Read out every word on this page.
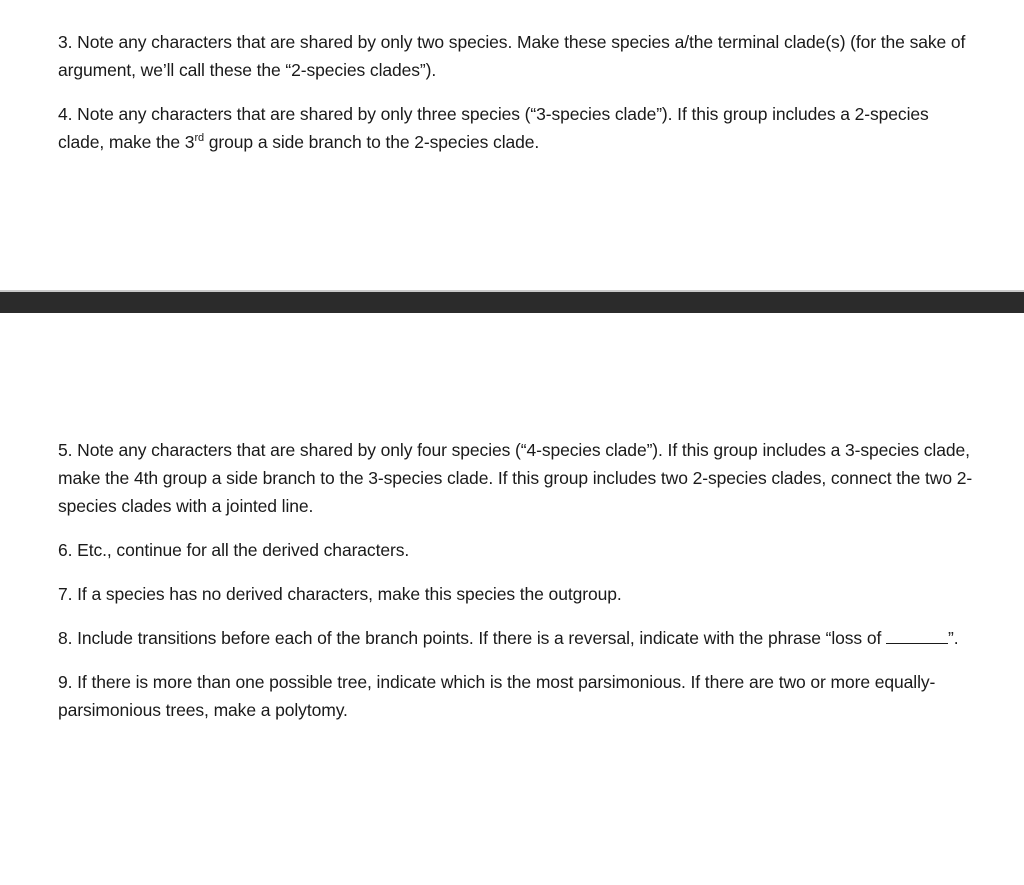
3. Note any characters that are shared by only two species. Make these species a/the terminal clade(s) (for the sake of argument, we’ll call these the “2-species clades”).

4. Note any characters that are shared by only three species (“3-species clade”). If this group includes a 2-species clade, make the 3rd group a side branch to the 2-species clade.

5. Note any characters that are shared by only four species (“4-species clade”). If this group includes a 3-species clade, make the 4th group a side branch to the 3-species clade. If this group includes two 2-species clades, connect the two 2-species clades with a jointed line.

6. Etc., continue for all the derived characters.

7. If a species has no derived characters, make this species the outgroup.

8. Include transitions before each of the branch points. If there is a reversal, indicate with the phrase “loss of	”.

9. If there is more than one possible tree, indicate which is the most parsimonious. If there are two or more equally-parsimonious trees, make a polytomy.
